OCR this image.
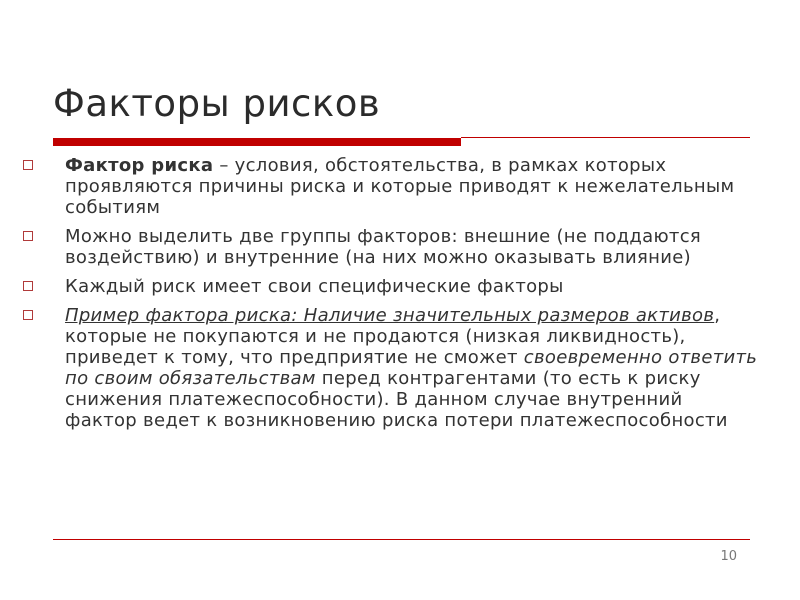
Факторы рисков
Фактор риска – условия, обстоятельства, в рамках которых проявляются причины риска и которые приводят к нежелательным событиям
Можно выделить две группы факторов: внешние (не поддаются воздействию) и внутренние (на них можно оказывать влияние)
Каждый риск имеет свои специфические факторы
Пример фактора риска: Наличие значительных размеров активов, которые не покупаются и не продаются (низкая ликвидность), приведет к тому, что предприятие не сможет своевременно ответить по своим обязательствам перед контрагентами (то есть к риску снижения платежеспособности). В данном случае внутренний фактор ведет к возникновению риска потери платежеспособности
10
